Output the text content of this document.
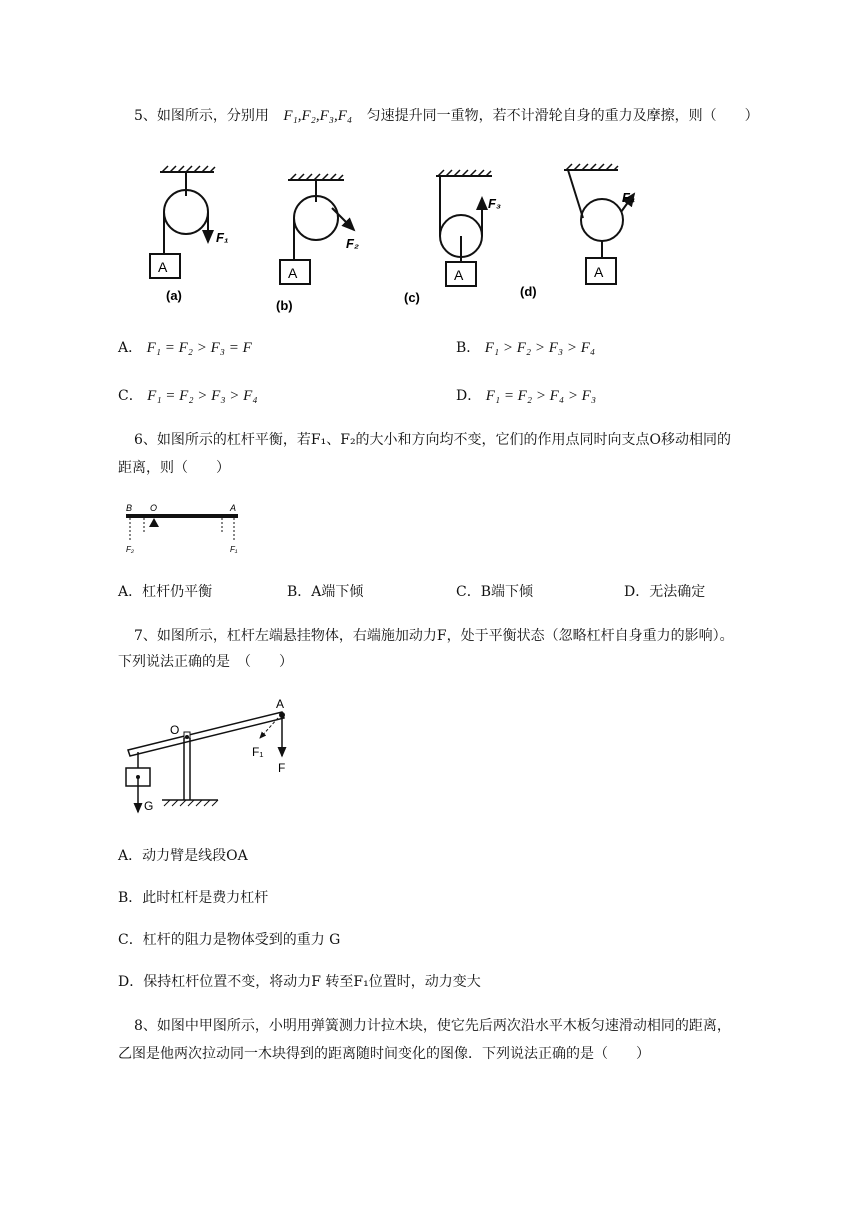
5、如图所示，分别用 F₁,F₂,F₃,F₄ 匀速提升同一重物，若不计滑轮自身的重力及摩擦，则（　　）
A
F₁
(a)
A
F₂
(b)
A
F₃
(c)
A
F₄
(d)
A． F₁ = F₂ > F₃ = F	B． F₁ > F₂ > F₃ > F₄
C． F₁ = F₂ > F₃ > F₄	D． F₁ = F₂ > F₄ > F₃
6、如图所示的杠杆平衡，若F₁、F₂的大小和方向均不变，它们的作用点同时向支点O移动相同的
距离，则（　　）
B O	A
F₂	F₁
A．杠杆仍平衡	B．A端下倾	C．B端下倾	D．无法确定
7、如图所示，杠杆左端悬挂物体，右端施加动力F，处于平衡状态（忽略杠杆自身重力的影响）。
下列说法正确的是　（　　）
A
O
F₁
F
G
A．动力臂是线段OA
B．此时杠杆是费力杠杆
C．杠杆的阻力是物体受到的重力 G
D．保持杠杆位置不变，将动力F 转至F₁位置时，动力变大
8、如图中甲图所示，小明用弹簧测力计拉木块，使它先后两次沿水平木板匀速滑动相同的距离，
乙图是他两次拉动同一木块得到的距离随时间变化的图像．下列说法正确的是（　　）
